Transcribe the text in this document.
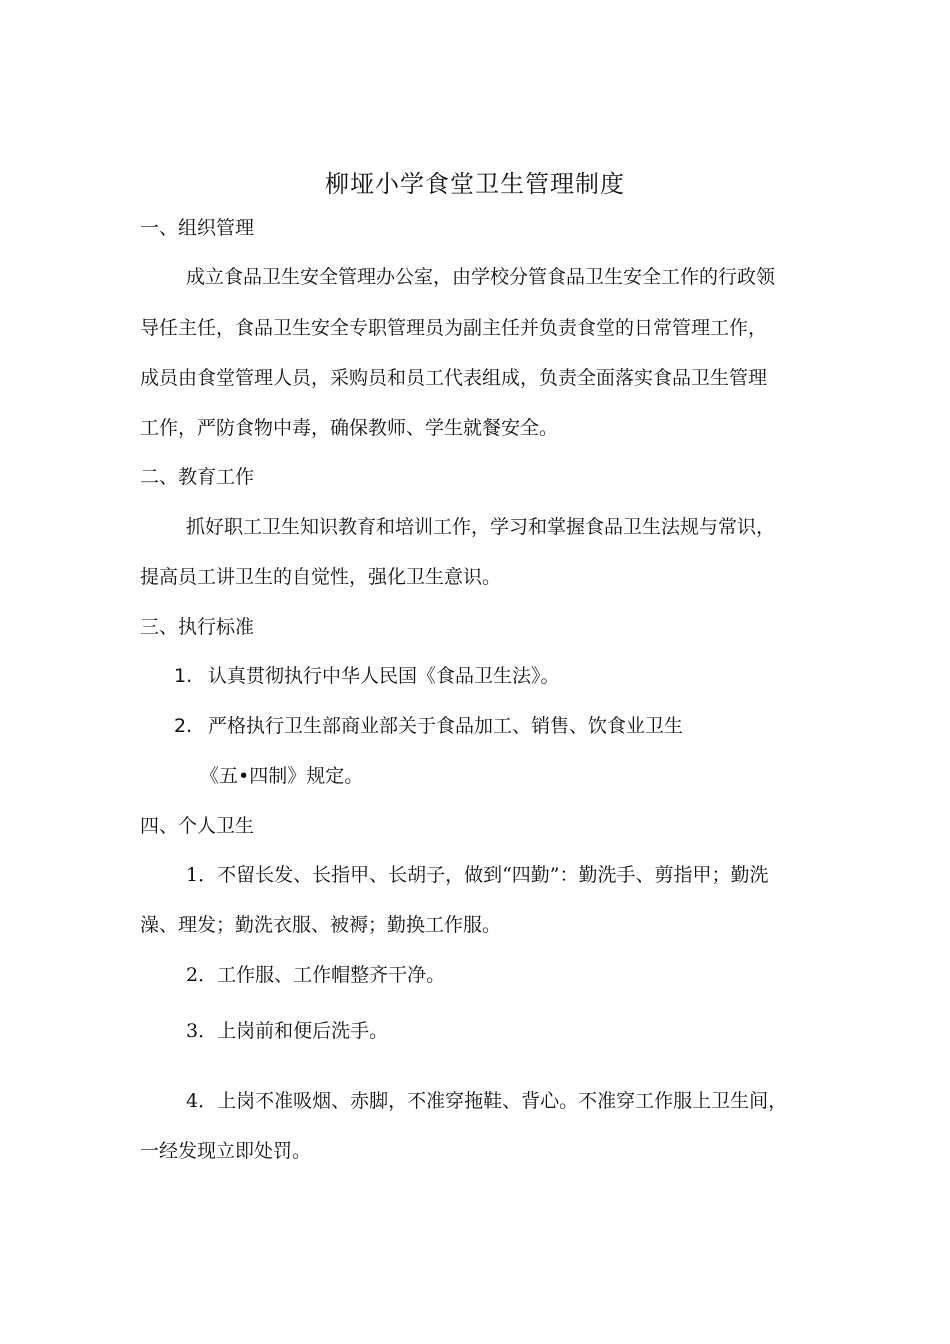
柳垭小学食堂卫生管理制度
一、组织管理
成立食品卫生安全管理办公室，由学校分管食品卫生安全工作的行政领
导任主任，食品卫生安全专职管理员为副主任并负责食堂的日常管理工作，
成员由食堂管理人员，采购员和员工代表组成，负责全面落实食品卫生管理
工作，严防食物中毒，确保教师、学生就餐安全。
二、教育工作
抓好职工卫生知识教育和培训工作，学习和掌握食品卫生法规与常识，
提高员工讲卫生的自觉性，强化卫生意识。
三、执行标准
1. 认真贯彻执行中华人民国《食品卫生法》。
2. 严格执行卫生部商业部关于食品加工、销售、饮食业卫生
《五•四制》规定。
四、个人卫生
1．不留长发、长指甲、长胡子，做到“四勤”：勤洗手、剪指甲；勤洗
澡、理发；勤洗衣服、被褥；勤换工作服。
2．工作服、工作帽整齐干净。
3．上岗前和便后洗手。
4．上岗不准吸烟、赤脚，不准穿拖鞋、背心。不准穿工作服上卫生间，
一经发现立即处罚。
